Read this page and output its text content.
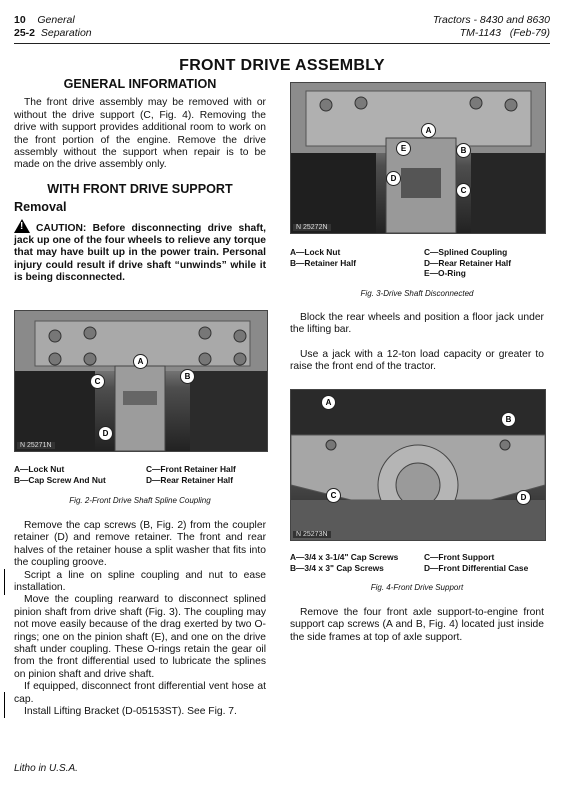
10 General
25-2 Separation
Tractors - 8430 and 8630
TM-1143 (Feb-79)
FRONT DRIVE ASSEMBLY
GENERAL INFORMATION

The front drive assembly may be removed with or without the drive support (C, Fig. 4). Removing the drive with support provides additional room to work on the front portion of the engine. Remove the drive assembly without the support when repair is to be made on the drive assembly only.

WITH FRONT DRIVE SUPPORT
Removal

!CAUTION: Before disconnecting drive shaft, jack up one of the four wheels to relieve any torque that may have built up in the power train. Personal injury could result if drive shaft “unwinds” while it is being disconnected.

A
B
C
D
N 25271N
A—Lock Nut	C—Front Retainer Half
B—Cap Screw And Nut	D—Rear Retainer Half
Fig. 2-Front Drive Shaft Spline Coupling

Remove the cap screws (B, Fig. 2) from the coupler retainer (D) and remove retainer. The front and rear halves of the retainer house a split washer that fits into the coupling groove.

Script a line on spline coupling and nut to ease installation.

Move the coupling rearward to disconnect splined pinion shaft from drive shaft (Fig. 3). The coupling may not move easily because of the drag exerted by two O-rings; one on the pinion shaft (E), and one on the drive shaft under coupling. These O-rings retain the gear oil from the front differential used to lubricate the splines on pinion shaft and drive shaft.

If equipped, disconnect front differential vent hose at cap.

Install Lifting Bracket (D-05153ST). See Fig. 7.

A
B
C
D
E
N 25272N
A—Lock Nut	C—Splined Coupling
B—Retainer Half	D—Rear Retainer Half
E—O-Ring
Fig. 3-Drive Shaft Disconnected

Block the rear wheels and position a floor jack under the lifting bar.

Use a jack with a 12-ton load capacity or greater to raise the front end of the tractor.

A
B
C	D
N 25273N
A—3/4 x 3-1/4" Cap Screws	C—Front Support
B—3/4 x 3" Cap Screws	D—Front Differential Case
Fig. 4-Front Drive Support

Remove the four front axle support-to-engine front support cap screws (A and B, Fig. 4) located just inside the side frames at top of axle support.

Litho in U.S.A.
